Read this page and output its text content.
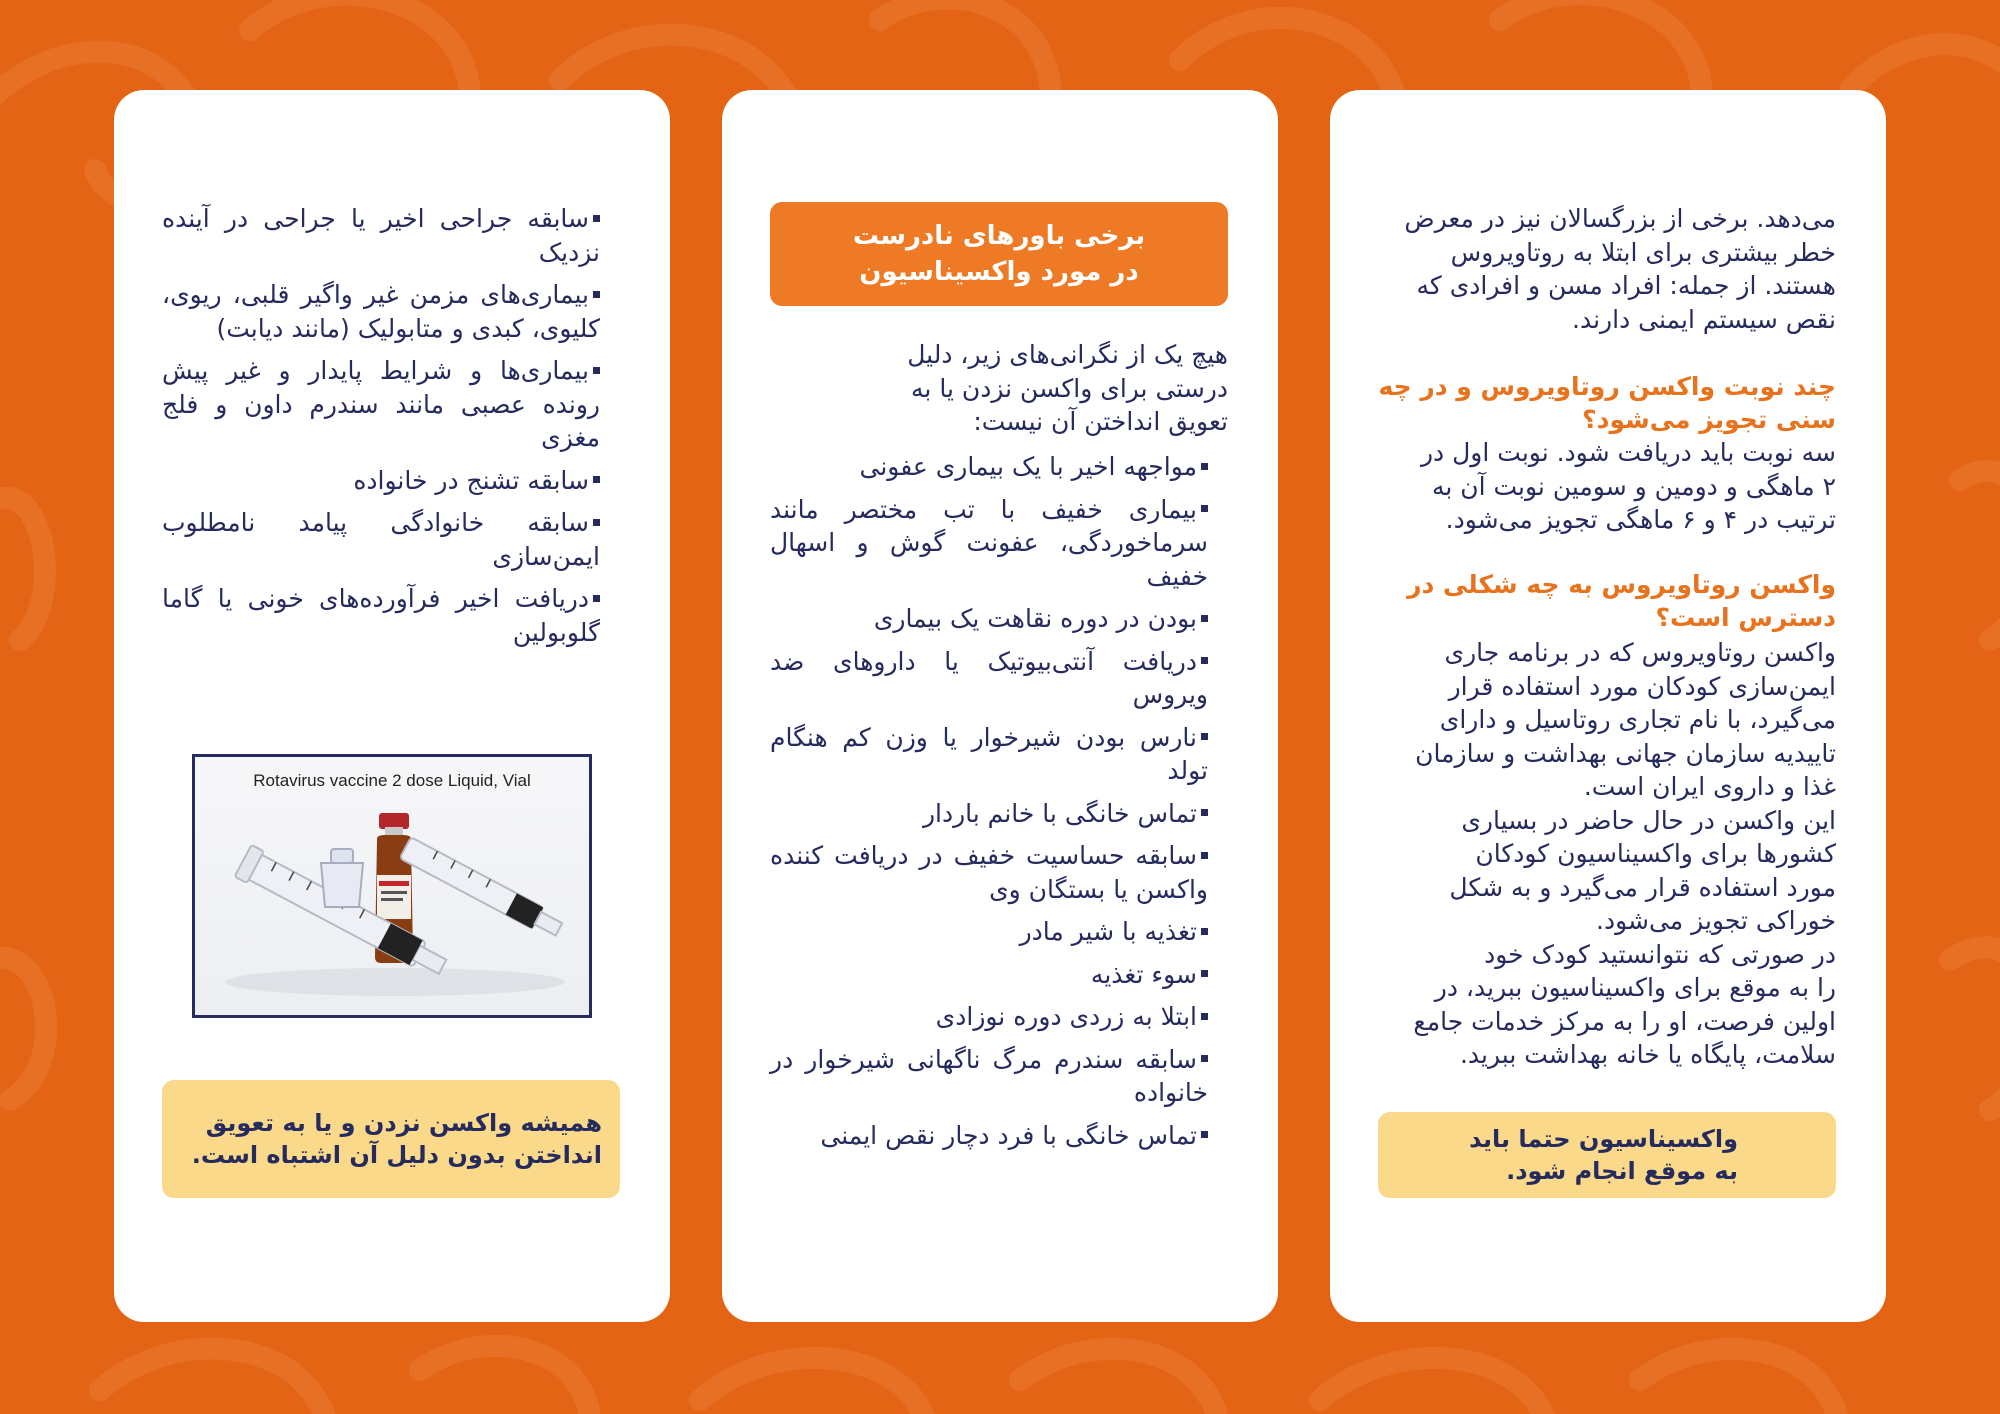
می‌دهد. برخی از بزرگسالان نیز در معرض
خطر بیشتری برای ابتلا به روتاویروس
هستند. از جمله: افراد مسن و افرادی که
نقص سیستم ایمنی دارند.
چند نوبت واکسن روتاویروس و در چه
سنی تجویز می‌شود؟
سه نوبت باید دریافت شود. نوبت اول در
۲ ماهگی و دومین و سومین نوبت آن به
ترتیب در ۴ و ۶ ماهگی تجویز می‌شود.
واکسن روتاویروس به چه شکلی در
دسترس است؟
واکسن روتاویروس که در برنامه جاری
ایمن‌سازی کودکان مورد استفاده قرار
می‌گیرد، با نام تجاری روتاسیل و دارای
تاییدیه سازمان جهانی بهداشت و سازمان
غذا و داروی ایران است.
این واکسن در حال حاضر در بسیاری
کشورها برای واکسیناسیون کودکان
مورد استفاده قرار می‌گیرد و به شکل
خوراکی تجویز می‌شود.
در صورتی که نتوانستید کودک خود
را به موقع برای واکسیناسیون ببرید، در
اولین فرصت، او را به مرکز خدمات جامع
سلامت، پایگاه یا خانه بهداشت ببرید.
واکسیناسیون حتما باید
به موقع انجام شود.
برخی باورهای نادرست
در مورد واکسیناسیون
هیچ یک از نگرانی‌های زیر، دلیل
درستی برای واکسن نزدن یا به
تعویق انداختن آن نیست:
مواجهه اخیر با یک بیماری عفونی
بیماری خفیف با تب مختصر مانند سرماخوردگی، عفونت گوش و اسهال خفیف
بودن در دوره نقاهت یک بیماری
دریافت آنتی‌بیوتیک یا داروهای ضد ویروس
نارس بودن شیرخوار یا وزن کم هنگام تولد
تماس خانگی با خانم باردار
سابقه حساسیت خفیف در دریافت کننده واکسن یا بستگان وی
تغذیه با شیر مادر
سوء تغذیه
ابتلا به زردی دوره نوزادی
سابقه سندرم مرگ ناگهانی شیرخوار در خانواده
تماس خانگی با فرد دچار نقص ایمنی
سابقه جراحی اخیر یا جراحی در آینده نزدیک
بیماری‌های مزمن غیر واگیر قلبی، ریوی، کلیوی، کبدی و متابولیک (مانند دیابت)
بیماری‌ها و شرایط پایدار و غیر پیش رونده عصبی مانند سندرم داون و فلج مغزی
سابقه تشنج در خانواده
سابقه خانوادگی پیامد نامطلوب ایمن‌سازی
دریافت اخیر فرآورده‌های خونی یا گاما گلوبولین
Rotavirus vaccine 2 dose Liquid, Vial
همیشه واکسن نزدن و یا به تعویق
انداختن بدون دلیل آن اشتباه است.
